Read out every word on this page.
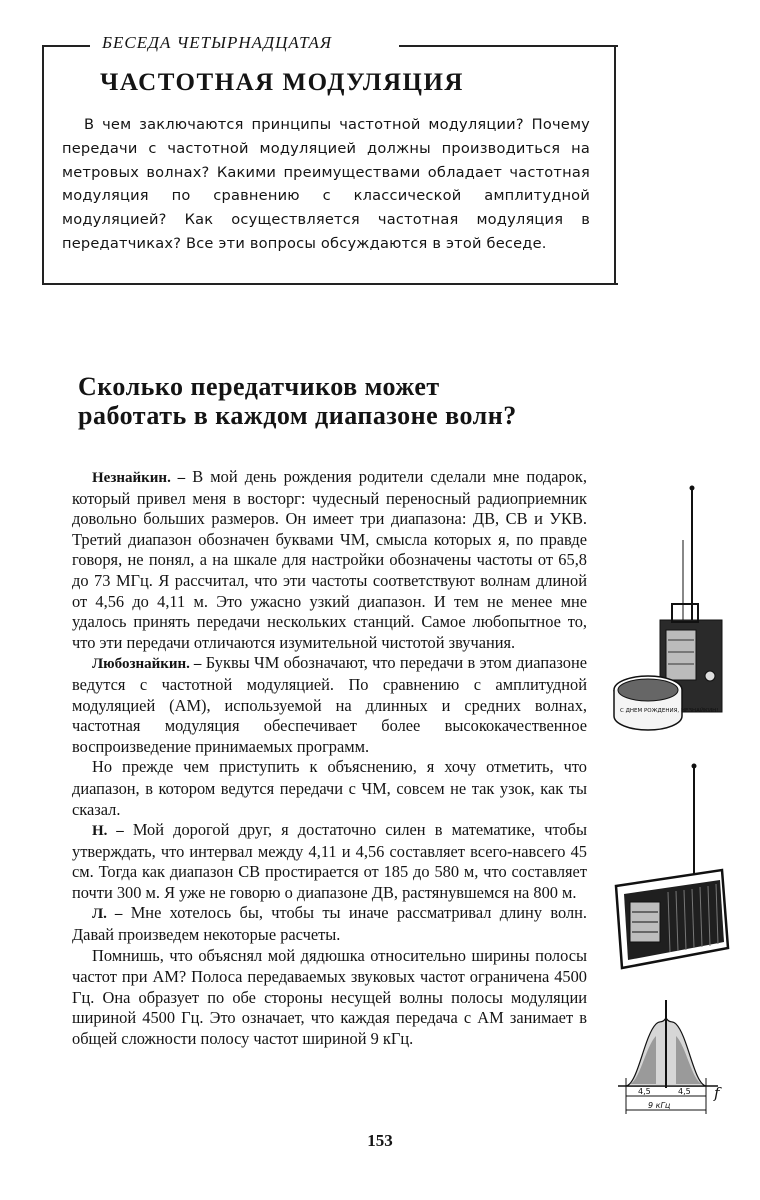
БЕСЕДА ЧЕТЫРНАДЦАТАЯ
ЧАСТОТНАЯ МОДУЛЯЦИЯ
В чем заключаются принципы частотной модуляции? Почему передачи с частотной модуляцией должны производиться на метровых волнах? Какими преимуществами обладает частотная модуляция по сравнению с классической амплитудной модуляцией? Как осуществляется частотная модуляция в передатчиках? Все эти вопросы обсуждаются в этой беседе.
Сколько передатчиков может работать в каждом диапазоне волн?

Незнайкин. – В мой день рождения родители сделали мне подарок, который привел меня в восторг: чудесный переносный радиоприемник довольно больших размеров. Он имеет три диапазона: ДВ, СВ и УКВ. Третий диапазон обозначен буквами ЧМ, смысла которых я, по правде говоря, не понял, а на шкале для настройки обозначены частоты от 65,8 до 73 МГц. Я рассчитал, что эти частоты соответствуют волнам длиной от 4,56 до 4,11 м. Это ужасно узкий диапазон. И тем не менее мне удалось принять передачи нескольких станций. Самое любопытное то, что эти передачи отличаются изумительной чистотой звучания.

Любознайкин. – Буквы ЧМ обозначают, что передачи в этом диапазоне ведутся с частотной модуляцией. По сравнению с амплитудной модуляцией (АМ), используемой на длинных и средних волнах, частотная модуляция обеспечивает более высококачественное воспроизведение принимаемых программ.

Но прежде чем приступить к объяснению, я хочу отметить, что диапазон, в котором ведутся передачи с ЧМ, совсем не так узок, как ты сказал.

Н. – Мой дорогой друг, я достаточно силен в математике, чтобы утверждать, что интервал между 4,11 и 4,56 составляет всего-навсего 45 см. Тогда как диапазон СВ простирается от 185 до 580 м, что составляет почти 300 м. Я уже не говорю о диапазоне ДВ, растянувшемся на 800 м.

Л. – Мне хотелось бы, чтобы ты иначе рассматривал длину волн. Давай произведем некоторые расчеты.

Помнишь, что объяснял мой дядюшка относительно ширины полосы частот при АМ? Полоса передаваемых звуковых частот ограничена 4500 Гц. Она образует по обе стороны несущей волны полосы модуляции шириной 4500 Гц. Это означает, что каждая передача с АМ занимает в общей сложности полосу частот шириной 9 кГц.

С ДНЕМ РОЖДЕНИЯ, НЕЗНАЙКИН!
4,5	4,5
9 кГц
f
153
